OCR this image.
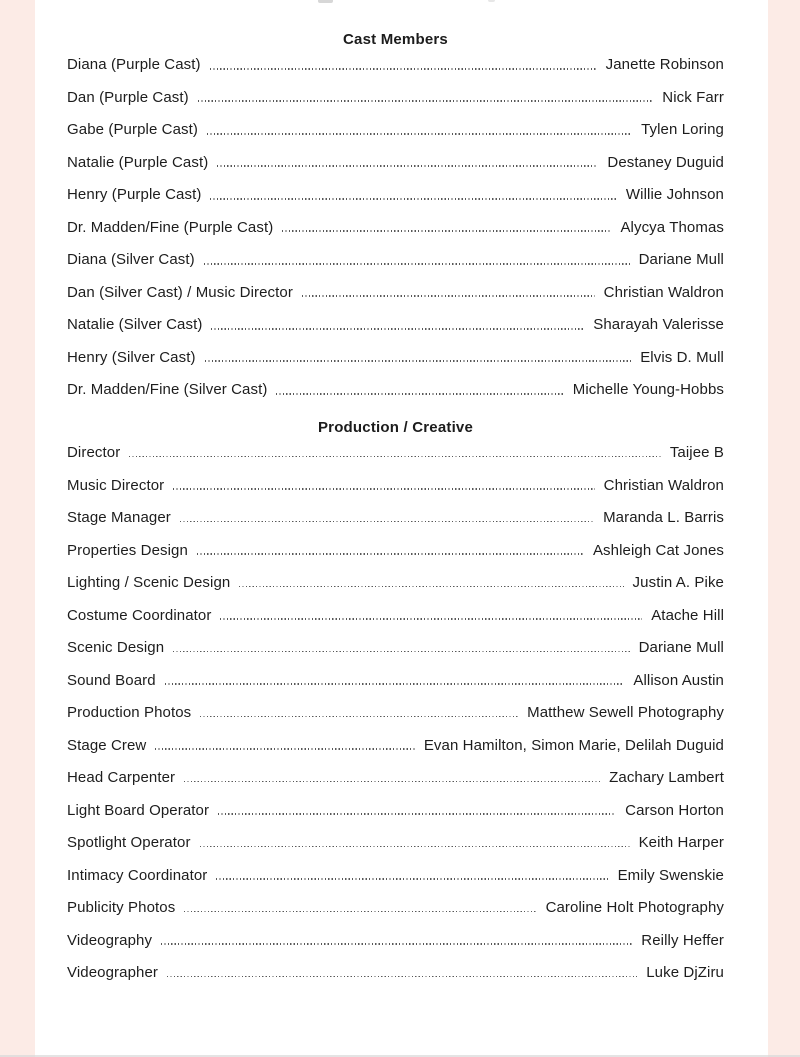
Cast Members
Diana (Purple Cast)	Janette Robinson
Dan (Purple Cast)	Nick Farr
Gabe (Purple Cast)	Tylen Loring
Natalie (Purple Cast)	Destaney Duguid
Henry (Purple Cast)	Willie Johnson
Dr. Madden/Fine (Purple Cast)	Alycya Thomas
Diana (Silver Cast)	Dariane Mull
Dan (Silver Cast) / Music Director	Christian Waldron
Natalie (Silver Cast)	Sharayah Valerisse
Henry (Silver Cast)	Elvis D. Mull
Dr. Madden/Fine (Silver Cast)	Michelle Young-Hobbs
Production / Creative
Director	Taijee B
Music Director	Christian Waldron
Stage Manager	Maranda L. Barris
Properties Design	Ashleigh Cat Jones
Lighting / Scenic Design	Justin A. Pike
Costume Coordinator	Atache Hill
Scenic Design	Dariane Mull
Sound Board	Allison Austin
Production Photos	Matthew Sewell Photography
Stage Crew	Evan Hamilton, Simon Marie, Delilah Duguid
Head Carpenter	Zachary Lambert
Light Board Operator	Carson Horton
Spotlight Operator	Keith Harper
Intimacy Coordinator	Emily Swenskie
Publicity Photos	Caroline Holt Photography
Videography	Reilly Heffer
Videographer	Luke DjZiru
